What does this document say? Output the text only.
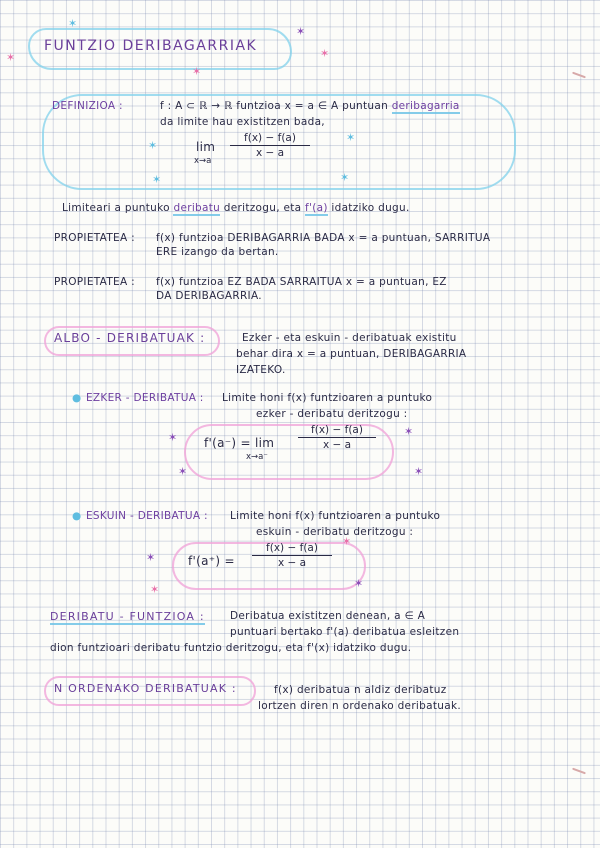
FUNTZIO DERIBAGARRIAK
✶
✶
✶
✶
✶
DEFINIZIOA :	f : A ⊂ ℝ → ℝ funtzioa x = a ∈ A puntuan deribagarria
da limite hau existitzen bada,
lim
x→a
f(x) − f(a)
x − a
✶
✶
✶	✶
Limiteari a puntuko deribatu deritzogu, eta f'(a) idatziko dugu.
PROPIETATEA : f(x) funtzioa DERIBAGARRIA BADA x = a puntuan, SARRITUA
ERE izango da bertan.
PROPIETATEA : f(x) funtzioa EZ BADA SARRAITUA x = a puntuan, EZ
DA DERIBAGARRIA.
ALBO - DERIBATUAK :	Ezker - eta eskuin - deribatuak existitu
behar dira x = a puntuan, DERIBAGARRIA
IZATEKO.
● EZKER - DERIBATUA : Limite honi f(x) funtzioaren a puntuko
ezker - deribatu deritzogu :
f'(a⁻) = lim
x→a⁻
f(x) − f(a)
x − a
✶	✶
✶	✶
● ESKUIN - DERIBATUA : Limite honi f(x) funtzioaren a puntuko
eskuin - deribatu deritzogu :
f'(a⁺) =
f(x) − f(a)
x − a
✶
✶
✶	✶
DERIBATU - FUNTZIOA : Deribatua existitzen denean, a ∈ A
puntuari bertako f'(a) deribatua esleitzen
dion funtzioari deribatu funtzio deritzogu, eta f'(x) idatziko dugu.
N ORDENAKO DERIBATUAK :	f(x) deribatua n aldiz deribatuz
lortzen diren n ordenako deribatuak.
